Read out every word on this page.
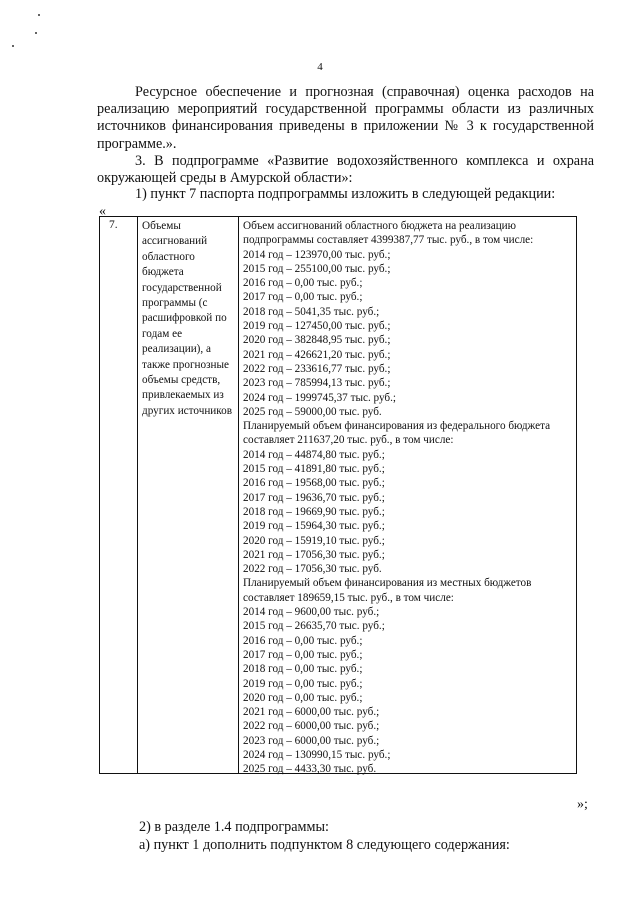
4
Ресурсное обеспечение и прогнозная (справочная) оценка расходов на реализацию мероприятий государственной программы области из различных источников финансирования приведены в приложении № 3 к государственной программе.».
3. В подпрограмме «Развитие водохозяйственного комплекса и охрана окружающей среды в Амурской области»:
1) пункт 7 паспорта подпрограммы изложить в следующей редакции:
«
7. Объемы ассигнований областного бюджета государственной программы (с расшифровкой по годам ее реализации), а также прогнозные объемы средств, привлекаемых из других источников
Объем ассигнований областного бюджета на реализацию
подпрограммы составляет 4399387,77 тыс. руб., в том числе:
2014 год – 123970,00 тыс. руб.;
2015 год – 255100,00 тыс. руб.;
2016 год – 0,00 тыс. руб.;
2017 год – 0,00 тыс. руб.;
2018 год – 5041,35 тыс. руб.;
2019 год – 127450,00 тыс. руб.;
2020 год – 382848,95 тыс. руб.;
2021 год – 426621,20 тыс. руб.;
2022 год – 233616,77 тыс. руб.;
2023 год – 785994,13 тыс. руб.;
2024 год – 1999745,37 тыс. руб.;
2025 год – 59000,00 тыс. руб.
Планируемый объем финансирования из федерального бюджета
составляет 211637,20 тыс. руб., в том числе:
2014 год – 44874,80 тыс. руб.;
2015 год – 41891,80 тыс. руб.;
2016 год – 19568,00 тыс. руб.;
2017 год – 19636,70 тыс. руб.;
2018 год – 19669,90 тыс. руб.;
2019 год – 15964,30 тыс. руб.;
2020 год – 15919,10 тыс. руб.;
2021 год – 17056,30 тыс. руб.;
2022 год – 17056,30 тыс. руб.
Планируемый объем финансирования из местных бюджетов
составляет 189659,15 тыс. руб., в том числе:
2014 год – 9600,00 тыс. руб.;
2015 год – 26635,70 тыс. руб.;
2016 год – 0,00 тыс. руб.;
2017 год – 0,00 тыс. руб.;
2018 год – 0,00 тыс. руб.;
2019 год – 0,00 тыс. руб.;
2020 год – 0,00 тыс. руб.;
2021 год – 6000,00 тыс. руб.;
2022 год – 6000,00 тыс. руб.;
2023 год – 6000,00 тыс. руб.;
2024 год – 130990,15 тыс. руб.;
2025 год – 4433,30 тыс. руб.
»;
2) в разделе 1.4 подпрограммы:
а) пункт 1 дополнить подпунктом 8 следующего содержания:
